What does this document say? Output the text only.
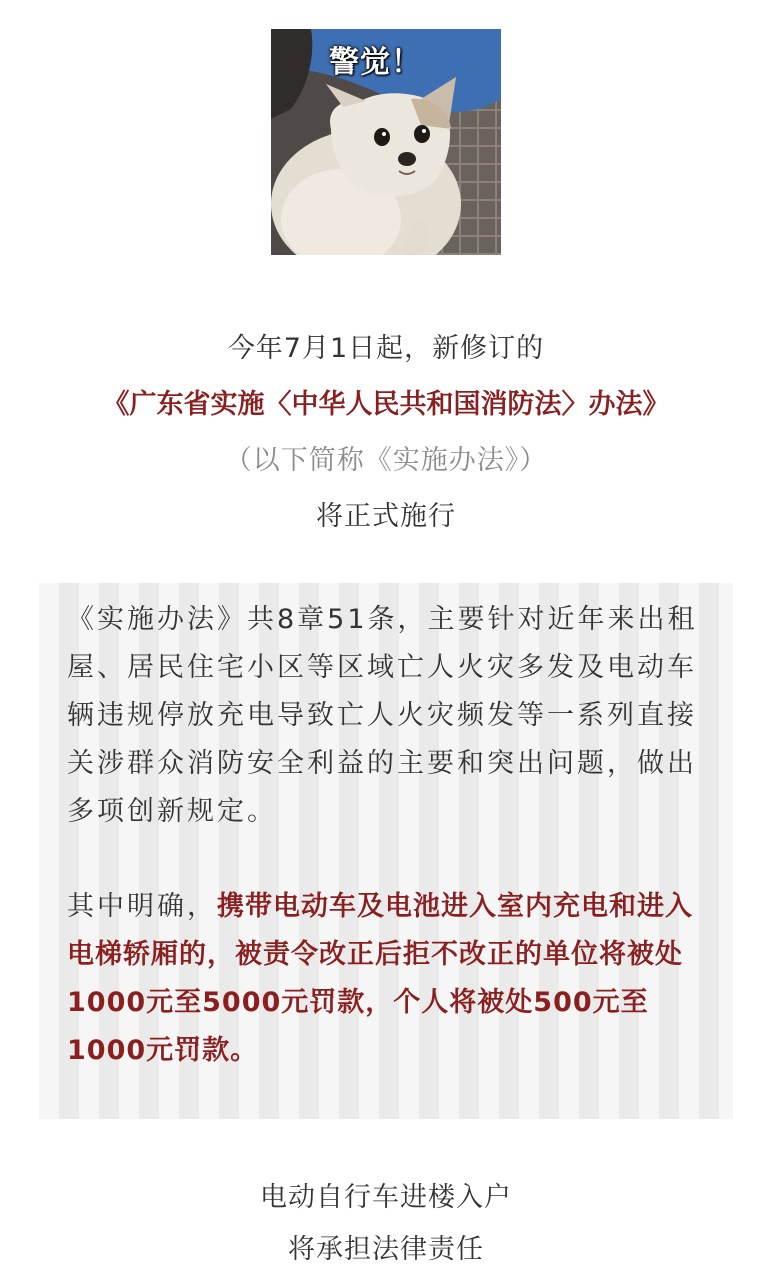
警觉！
今年7月1日起，新修订的
《广东省实施〈中华人民共和国消防法〉办法》
（以下简称《实施办法》）
将正式施行

《实施办法》共8章51条，主要针对近年来出租屋、居民住宅小区等区域亡人火灾多发及电动车辆违规停放充电导致亡人火灾频发等一系列直接关涉群众消防安全利益的主要和突出问题，做出多项创新规定。

其中明确，携带电动车及电池进入室内充电和进入电梯轿厢的，被责令改正后拒不改正的单位将被处1000元至5000元罚款，个人将被处500元至1000元罚款。

电动自行车进楼入户
将承担法律责任
